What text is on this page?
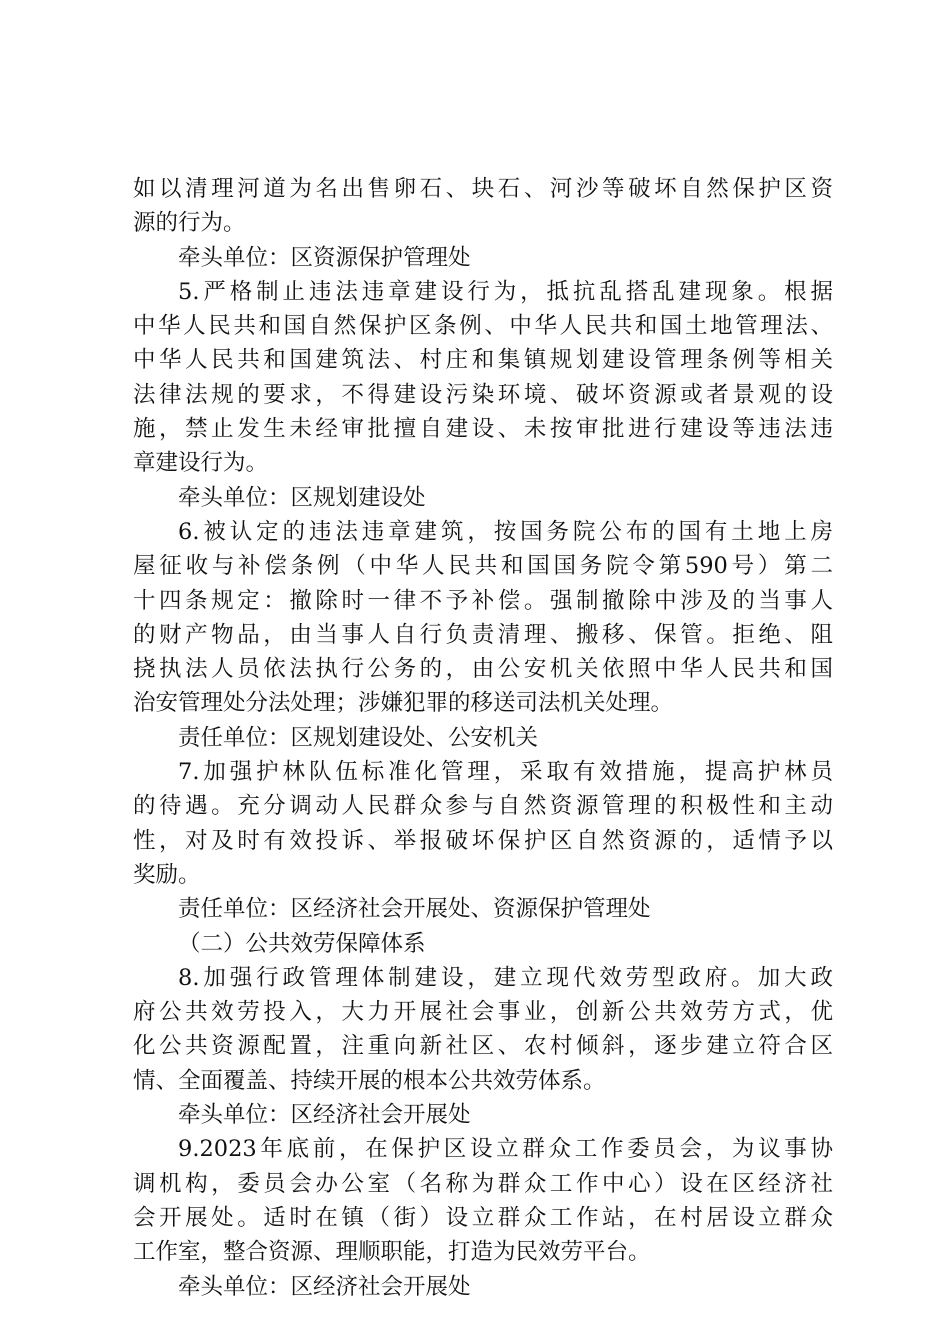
如以清理河道为名出售卵石、块石、河沙等破坏自然保护区资
源的行为。
牵头单位：区资源保护管理处
5.严格制止违法违章建设行为，抵抗乱搭乱建现象。根据
中华人民共和国自然保护区条例、中华人民共和国土地管理法、
中华人民共和国建筑法、村庄和集镇规划建设管理条例等相关
法律法规的要求，不得建设污染环境、破坏资源或者景观的设
施，禁止发生未经审批擅自建设、未按审批进行建设等违法违
章建设行为。
牵头单位：区规划建设处
6.被认定的违法违章建筑，按国务院公布的国有土地上房
屋征收与补偿条例（中华人民共和国国务院令第590号）第二
十四条规定：撤除时一律不予补偿。强制撤除中涉及的当事人
的财产物品，由当事人自行负责清理、搬移、保管。拒绝、阻
挠执法人员依法执行公务的，由公安机关依照中华人民共和国
治安管理处分法处理；涉嫌犯罪的移送司法机关处理。
责任单位：区规划建设处、公安机关
7.加强护林队伍标准化管理，采取有效措施，提高护林员
的待遇。充分调动人民群众参与自然资源管理的积极性和主动
性，对及时有效投诉、举报破坏保护区自然资源的，适情予以
奖励。
责任单位：区经济社会开展处、资源保护管理处
（二）公共效劳保障体系
8.加强行政管理体制建设，建立现代效劳型政府。加大政
府公共效劳投入，大力开展社会事业，创新公共效劳方式，优
化公共资源配置，注重向新社区、农村倾斜，逐步建立符合区
情、全面覆盖、持续开展的根本公共效劳体系。
牵头单位：区经济社会开展处
9.2023年底前，在保护区设立群众工作委员会，为议事协
调机构，委员会办公室（名称为群众工作中心）设在区经济社
会开展处。适时在镇（街）设立群众工作站，在村居设立群众
工作室，整合资源、理顺职能，打造为民效劳平台。
牵头单位：区经济社会开展处
